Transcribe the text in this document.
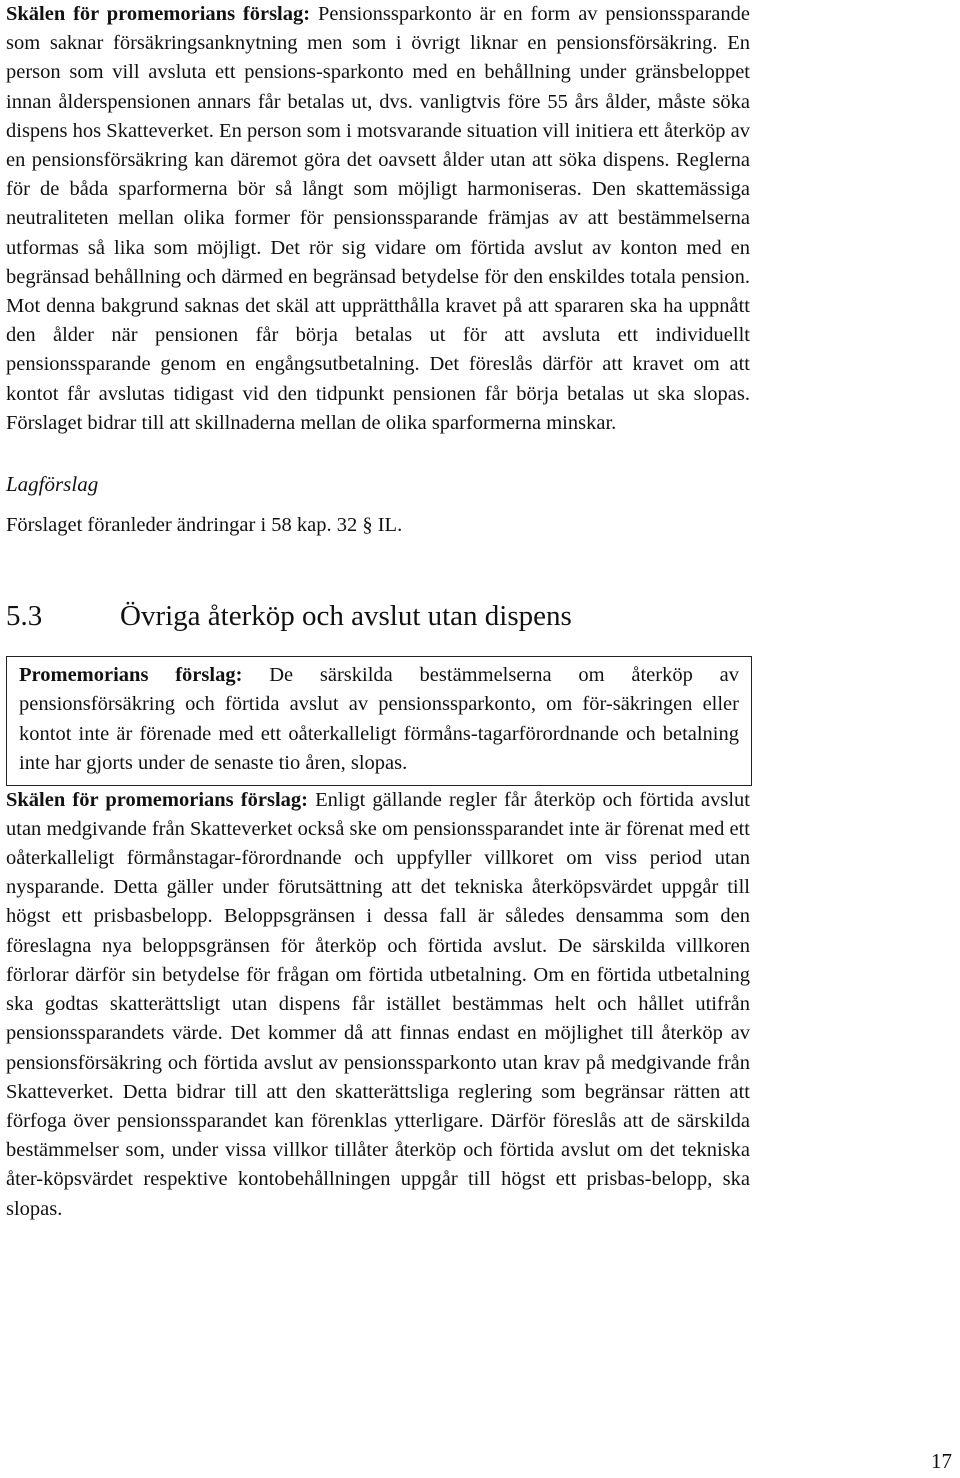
Skälen för promemorians förslag: Pensionssparkonto är en form av pensionssparande som saknar försäkringsanknytning men som i övrigt liknar en pensionsförsäkring. En person som vill avsluta ett pensions-sparkonto med en behållning under gränsbeloppet innan ålderspensionen annars får betalas ut, dvs. vanligtvis före 55 års ålder, måste söka dispens hos Skatteverket. En person som i motsvarande situation vill initiera ett återköp av en pensionsförsäkring kan däremot göra det oavsett ålder utan att söka dispens. Reglerna för de båda sparformerna bör så långt som möjligt harmoniseras. Den skattemässiga neutraliteten mellan olika former för pensionssparande främjas av att bestämmelserna utformas så lika som möjligt. Det rör sig vidare om förtida avslut av konton med en begränsad behållning och därmed en begränsad betydelse för den enskildes totala pension. Mot denna bakgrund saknas det skäl att upprätthålla kravet på att spararen ska ha uppnått den ålder när pensionen får börja betalas ut för att avsluta ett individuellt pensionssparande genom en engångsutbetalning. Det föreslås därför att kravet om att kontot får avslutas tidigast vid den tidpunkt pensionen får börja betalas ut ska slopas. Förslaget bidrar till att skillnaderna mellan de olika sparformerna minskar.

Lagförslag

Förslaget föranleder ändringar i 58 kap. 32 § IL.

5.3	Övriga återköp och avslut utan dispens

Promemorians förslag: De särskilda bestämmelserna om återköp av pensionsförsäkring och förtida avslut av pensionssparkonto, om för-säkringen eller kontot inte är förenade med ett oåterkalleligt förmåns-tagarförordnande och betalning inte har gjorts under de senaste tio åren, slopas.

Skälen för promemorians förslag: Enligt gällande regler får återköp och förtida avslut utan medgivande från Skatteverket också ske om pensionssparandet inte är förenat med ett oåterkalleligt förmånstagar-förordnande och uppfyller villkoret om viss period utan nysparande. Detta gäller under förutsättning att det tekniska återköpsvärdet uppgår till högst ett prisbasbelopp. Beloppsgränsen i dessa fall är således densamma som den föreslagna nya beloppsgränsen för återköp och förtida avslut. De särskilda villkoren förlorar därför sin betydelse för frågan om förtida utbetalning. Om en förtida utbetalning ska godtas skatterättsligt utan dispens får istället bestämmas helt och hållet utifrån pensionssparandets värde. Det kommer då att finnas endast en möjlighet till återköp av pensionsförsäkring och förtida avslut av pensionssparkonto utan krav på medgivande från Skatteverket. Detta bidrar till att den skatterättsliga reglering som begränsar rätten att förfoga över pensionssparandet kan förenklas ytterligare. Därför föreslås att de särskilda bestämmelser som, under vissa villkor tillåter återköp och förtida avslut om det tekniska åter-köpsvärdet respektive kontobehållningen uppgår till högst ett prisbas-belopp, ska slopas.

17
